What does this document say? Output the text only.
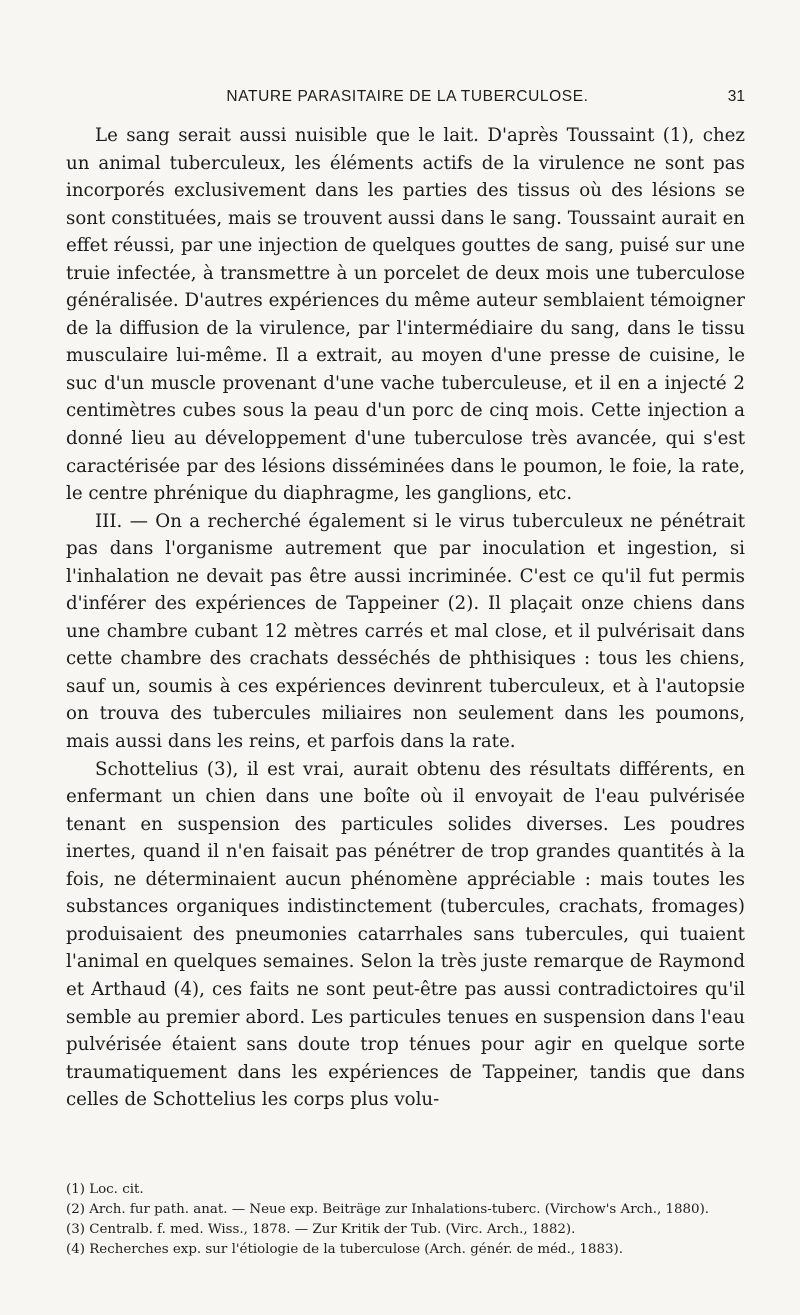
NATURE PARASITAIRE DE LA TUBERCULOSE.	31

Le sang serait aussi nuisible que le lait. D'après Toussaint (1), chez un animal tuberculeux, les éléments actifs de la virulence ne sont pas incorporés exclusivement dans les parties des tissus où des lésions se sont constituées, mais se trouvent aussi dans le sang. Toussaint aurait en effet réussi, par une injection de quelques gouttes de sang, puisé sur une truie infectée, à transmettre à un porcelet de deux mois une tuberculose généralisée. D'autres expériences du même auteur semblaient témoigner de la diffusion de la virulence, par l'intermédiaire du sang, dans le tissu musculaire lui-même. Il a extrait, au moyen d'une presse de cuisine, le suc d'un muscle provenant d'une vache tuberculeuse, et il en a injecté 2 centimètres cubes sous la peau d'un porc de cinq mois. Cette injection a donné lieu au développement d'une tuberculose très avancée, qui s'est caractérisée par des lésions disséminées dans le poumon, le foie, la rate, le centre phrénique du diaphragme, les ganglions, etc.

III. — On a recherché également si le virus tuberculeux ne pénétrait pas dans l'organisme autrement que par inoculation et ingestion, si l'inhalation ne devait pas être aussi incriminée. C'est ce qu'il fut permis d'inférer des expériences de Tappeiner (2). Il plaçait onze chiens dans une chambre cubant 12 mètres carrés et mal close, et il pulvérisait dans cette chambre des crachats desséchés de phthisiques : tous les chiens, sauf un, soumis à ces expériences devinrent tuberculeux, et à l'autopsie on trouva des tubercules miliaires non seulement dans les poumons, mais aussi dans les reins, et parfois dans la rate.

Schottelius (3), il est vrai, aurait obtenu des résultats différents, en enfermant un chien dans une boîte où il envoyait de l'eau pulvérisée tenant en suspension des particules solides diverses. Les poudres inertes, quand il n'en faisait pas pénétrer de trop grandes quantités à la fois, ne déterminaient aucun phénomène appréciable : mais toutes les substances organiques indistinctement (tubercules, crachats, fromages) produisaient des pneumonies catarrhales sans tubercules, qui tuaient l'animal en quelques semaines. Selon la très juste remarque de Raymond et Arthaud (4), ces faits ne sont peut-être pas aussi contradictoires qu'il semble au premier abord. Les particules tenues en suspension dans l'eau pulvérisée étaient sans doute trop ténues pour agir en quelque sorte traumatiquement dans les expériences de Tappeiner, tandis que dans celles de Schottelius les corps plus volu-

(1) Loc. cit.

(2) Arch. fur path. anat. — Neue exp. Beiträge zur Inhalations-tuberc. (Virchow's Arch., 1880).

(3) Centralb. f. med. Wiss., 1878. — Zur Kritik der Tub. (Virc. Arch., 1882).

(4) Recherches exp. sur l'étiologie de la tuberculose (Arch. génér. de méd., 1883).
